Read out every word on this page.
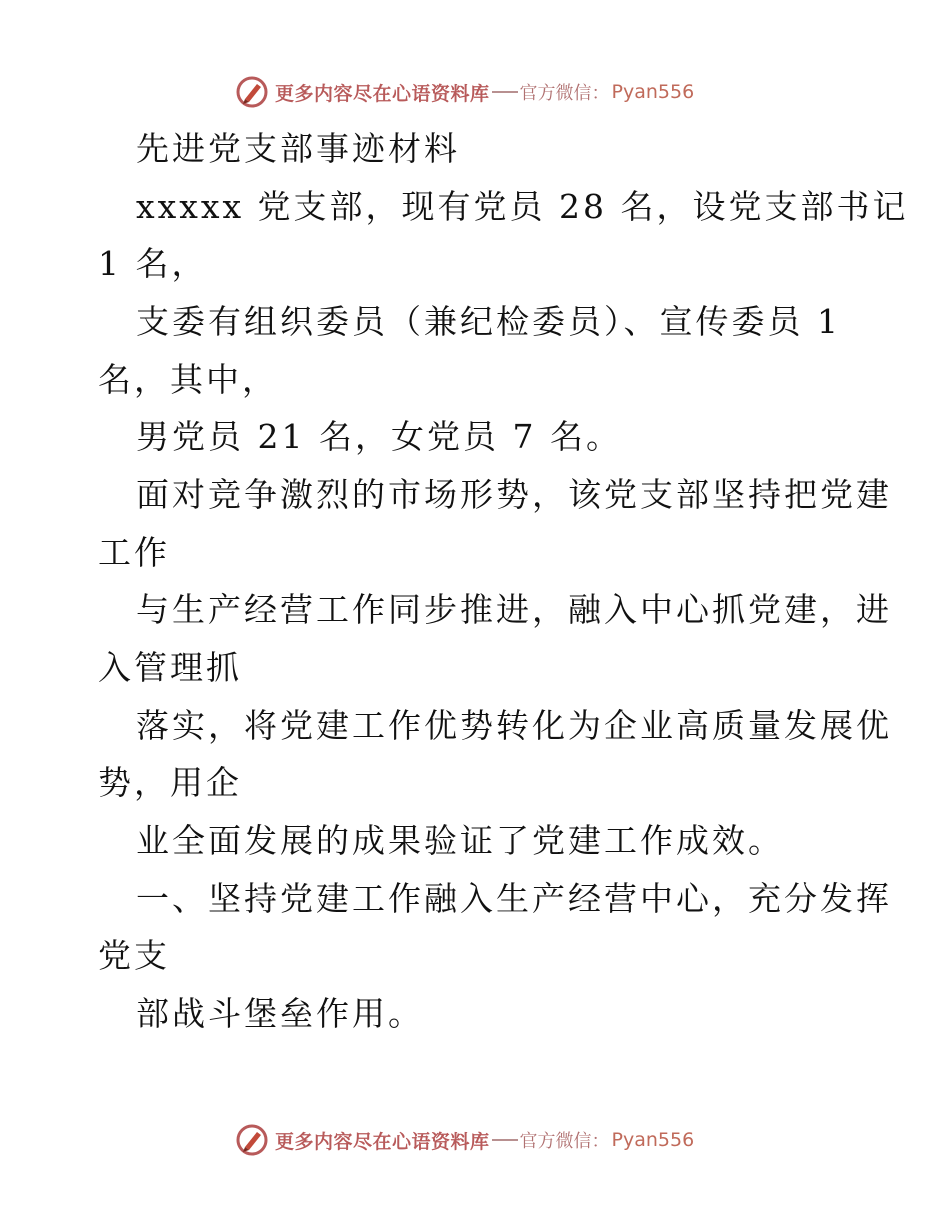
更多内容尽在心语资料库 官方微信： Pyan556
先进党支部事迹材料
xxxxx 党支部，现有党员 28 名，设党支部书记
1 名，
支委有组织委员（兼纪检委员）、宣传委员 1
名，其中，
男党员 21 名，女党员 7 名。
面对竞争激烈的市场形势，该党支部坚持把党建
工作
与生产经营工作同步推进，融入中心抓党建，进
入管理抓
落实，将党建工作优势转化为企业高质量发展优
势，用企
业全面发展的成果验证了党建工作成效。
一、坚持党建工作融入生产经营中心，充分发挥
党支
部战斗堡垒作用。
更多内容尽在心语资料库 官方微信： Pyan556
